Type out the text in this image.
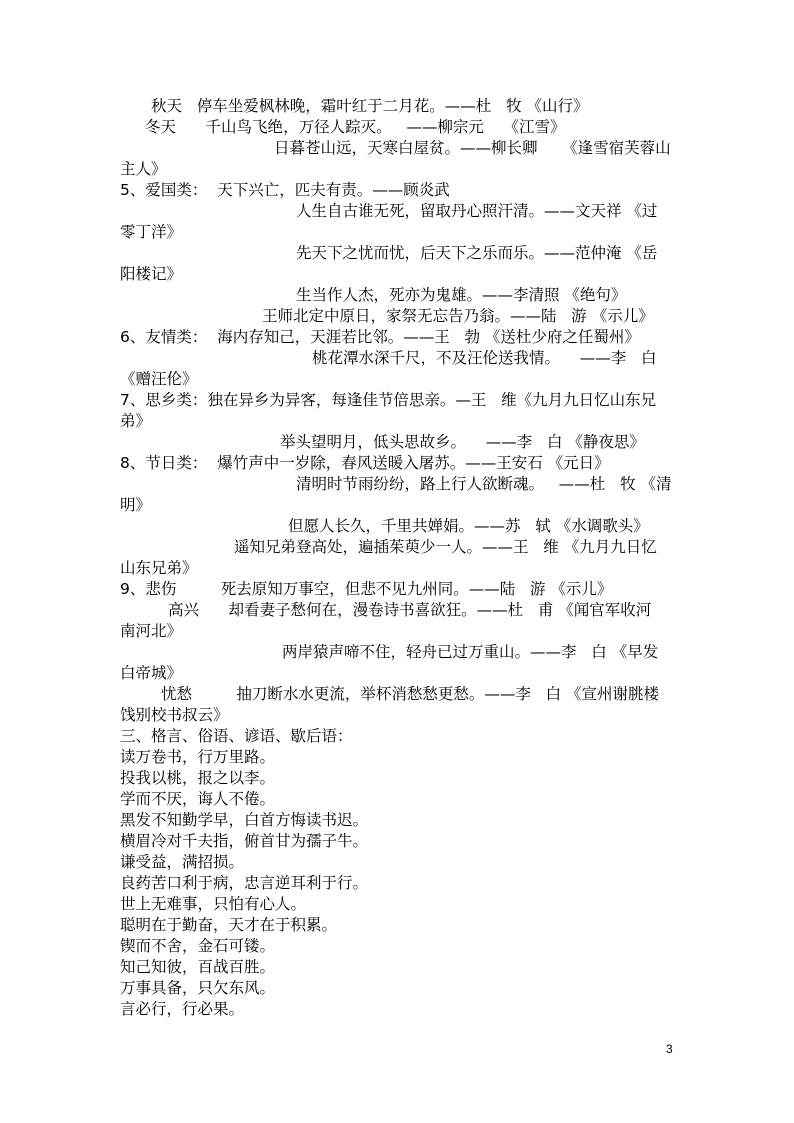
秋天   停车坐爱枫林晚，霜叶红于二月花。——杜   牧 《山行》
冬天      千山鸟飞绝，万径人踪灭。   ——柳宗元    《江雪》
日暮苍山远，天寒白屋贫。——柳长卿     《逢雪宿芙蓉山
主人》
5、爱国类：  天下兴亡，匹夫有责。——顾炎武
人生自古谁无死，留取丹心照汗清。——文天祥 《过
零丁洋》
先天下之忧而忧，后天下之乐而乐。——范仲淹 《岳
阳楼记》
生当作人杰，死亦为鬼雄。——李清照 《绝句》
王师北定中原日，家祭无忘告乃翁。——陆   游 《示儿》
6、友情类：  海内存知己，天涯若比邻。——王   勃 《送杜少府之任蜀州》
桃花潭水深千尺，不及汪伦送我情。    ——李   白
《赠汪伦》
7、思乡类：独在异乡为异客，每逢佳节倍思亲。—王   维《九月九日忆山东兄
弟》
举头望明月，低头思故乡。    ——李   白 《静夜思》
8、节日类：  爆竹声中一岁除，春风送暖入屠苏。——王安石 《元日》
清明时节雨纷纷，路上行人欲断魂。   ——杜   牧 《清
明》
但愿人长久，千里共婵娟。——苏   轼 《水调歌头》
遥知兄弟登高处，遍插茱萸少一人。——王   维 《九月九日忆
山东兄弟》
9、悲伤         死去原知万事空，但悲不见九州同。——陆   游 《示儿》
高兴      却看妻子愁何在，漫卷诗书喜欲狂。——杜   甫 《闻官军收河
南河北》
两岸猿声啼不住，轻舟已过万重山。——李   白 《早发
白帝城》
忧愁         抽刀断水水更流，举杯消愁愁更愁。——李   白 《宣州谢朓楼
饯别校书叔云》
三、格言、俗语、谚语、歇后语：
读万卷书，行万里路。
投我以桃，报之以李。
学而不厌，诲人不倦。
黑发不知勤学早，白首方悔读书迟。
横眉冷对千夫指，俯首甘为孺子牛。
谦受益，满招损。
良药苦口利于病，忠言逆耳利于行。
世上无难事，只怕有心人。
聪明在于勤奋，天才在于积累。
锲而不舍，金石可镂。
知己知彼，百战百胜。
万事具备，只欠东风。
言必行，行必果。
3
